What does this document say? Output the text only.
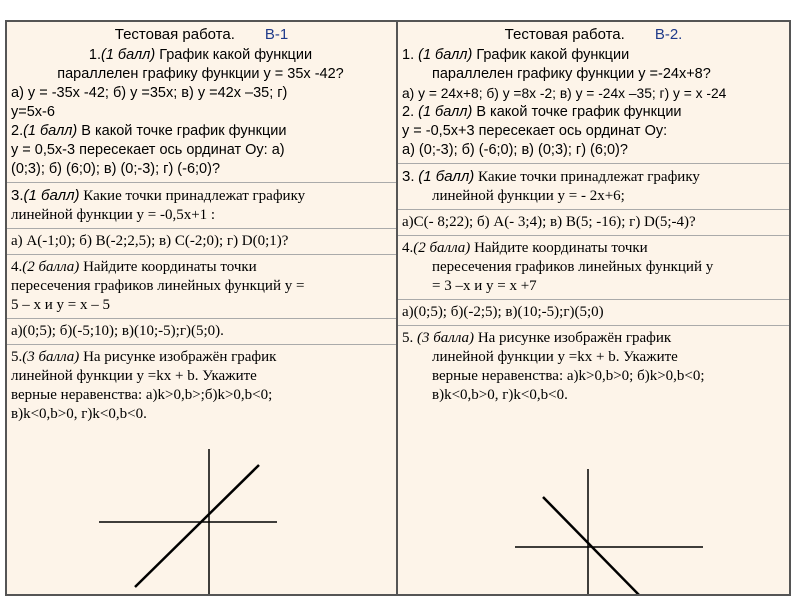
Тестовая работа. В-1
1.(1 балл) График какой функции
параллелен графику функции y = 35x -42?
а) у = -35х -42; б) у =35х; в) у =42х –35; г)
у=5х-6
2.(1 балл) В какой точке график функции
у = 0,5х-3 пересекает ось ординат Оу: а)
(0;3); б) (6;0); в) (0;-3); г) (-6;0)?
3.(1 балл) Какие точки принадлежат графику
линейной функции у = -0,5х+1 :
а) А(-1;0); б) В(-2;2,5); в) С(-2;0); г) D(0;1)?
4.(2 балла) Найдите координаты точки
пересечения графиков линейных функций у =
5 – х и у = х – 5
а)(0;5); б)(-5;10); в)(10;-5);г)(5;0).
5.(3 балла) На рисунке изображён график
линейной функции у =kx + b. Укажите
верные неравенства: а)k>0,b>;б)k>0,b<0;
в)k<0,b>0, г)k<0,b<0.
Тестовая работа. В-2.
1. (1 балл) График какой функции
параллелен графику функции y =-24x+8?
а) у = 24х+8; б) у =8х -2; в) у = -24х –35; г) у = х -24
2. (1 балл) В какой точке график функции
у = -0,5х+3 пересекает ось ординат Оу:
а) (0;-3); б) (-6;0); в) (0;3); г) (6;0)?
3. (1 балл) Какие точки принадлежат графику
линейной функции у = - 2х+6;
а)С(- 8;22); б) А(- 3;4); в) В(5; -16); г) D(5;-4)?
4.(2 балла) Найдите координаты точки
пересечения графиков линейных функций у
= 3 –х и у = х +7
а)(0;5); б)(-2;5); в)(10;-5);г)(5;0)
5. (3 балла) На рисунке изображён график
линейной функции у =kx + b. Укажите
верные неравенства: а)k>0,b>0; б)k>0,b<0;
в)k<0,b>0, г)k<0,b<0.
